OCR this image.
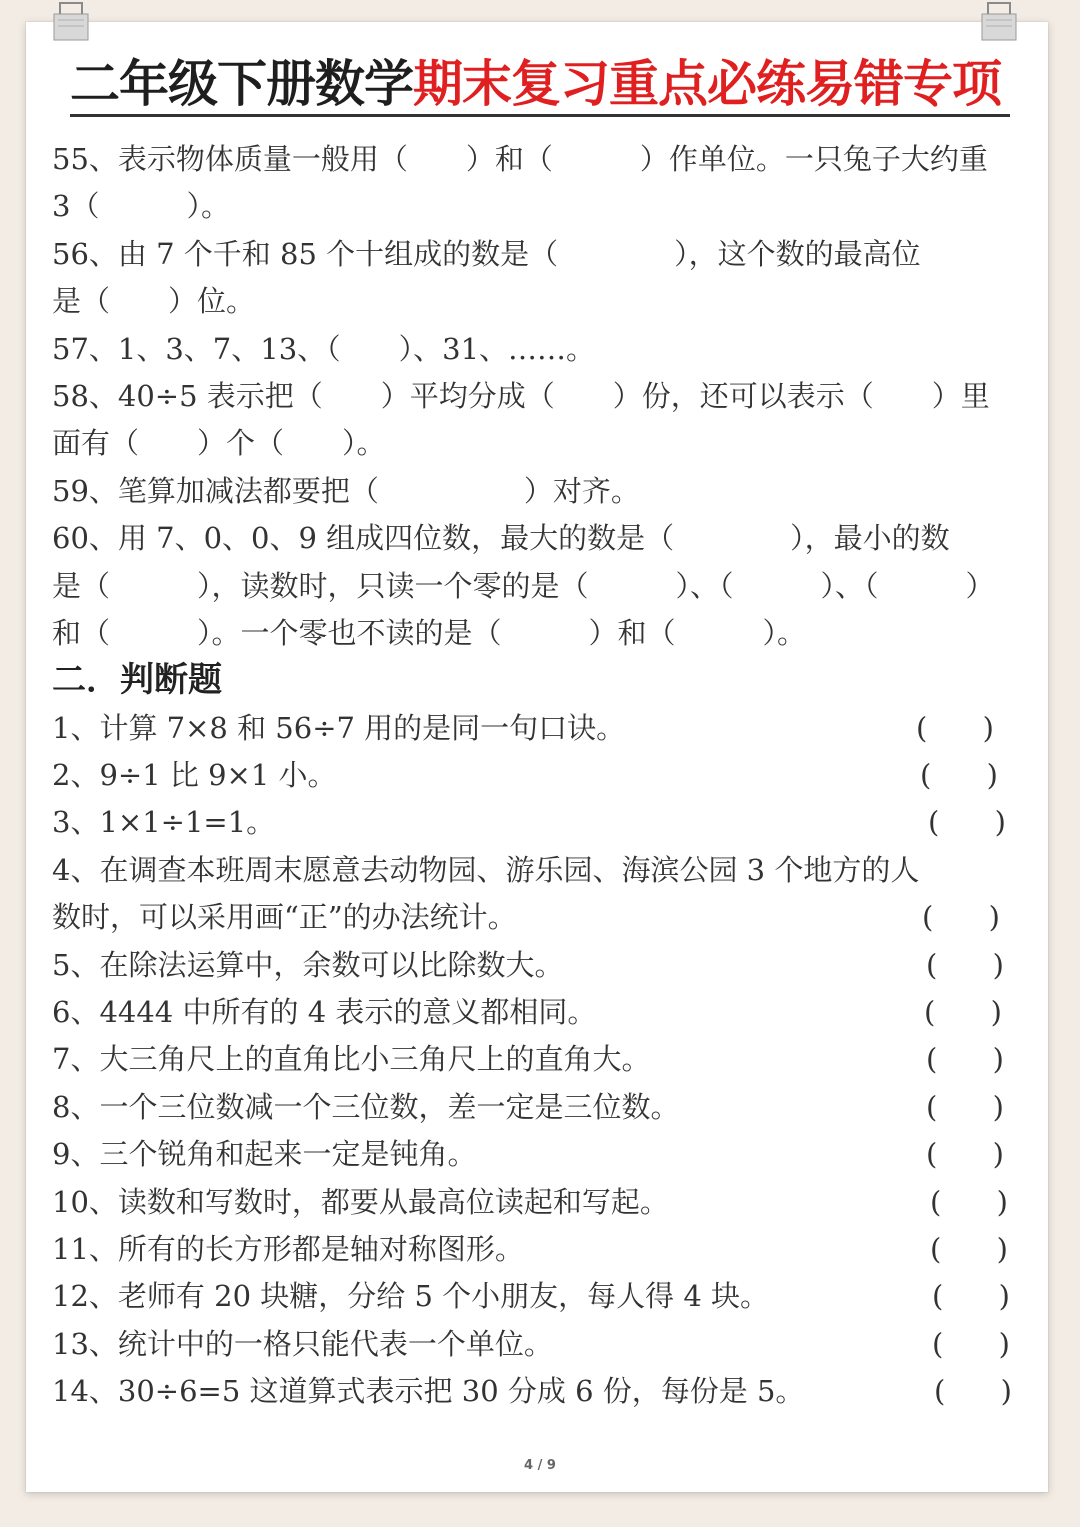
二年级下册数学期末复习重点必练易错专项
55、表示物体质量一般用（　　）和（　　　）作单位。一只兔子大约重
3（　　　）。
56、由 7 个千和 85 个十组成的数是（　　　　），这个数的最高位
是（　　）位。
57、1、3、7、13、（　　）、31、……。
58、40÷5 表示把（　　）平均分成（　　）份，还可以表示（　　）里
面有（　　）个（　　）。
59、笔算加减法都要把（　　　　　）对齐。
60、用 7、0、0、9 组成四位数，最大的数是（　　　　），最小的数
是（　　　），读数时，只读一个零的是（　　　）、（　　　）、（　　　）
和（　　　）。一个零也不读的是（　　　）和（　　　）。
二．判断题
1、计算 7×8 和 56÷7 用的是同一句口诀。	(      )
2、9÷1 比 9×1 小。	(      )
3、1×1÷1=1。	(      )
4、在调查本班周末愿意去动物园、游乐园、海滨公园 3 个地方的人
数时，可以采用画“正”的办法统计。	(      )
5、在除法运算中，余数可以比除数大。	(      )
6、4444 中所有的 4 表示的意义都相同。	(      )
7、大三角尺上的直角比小三角尺上的直角大。	(      )
8、一个三位数减一个三位数，差一定是三位数。	(      )
9、三个锐角和起来一定是钝角。	(      )
10、读数和写数时，都要从最高位读起和写起。	(      )
11、所有的长方形都是轴对称图形。	(      )
12、老师有 20 块糖，分给 5 个小朋友，每人得 4 块。	(      )
13、统计中的一格只能代表一个单位。	(      )
14、30÷6=5 这道算式表示把 30 分成 6 份，每份是 5。	(      )
4 / 9
